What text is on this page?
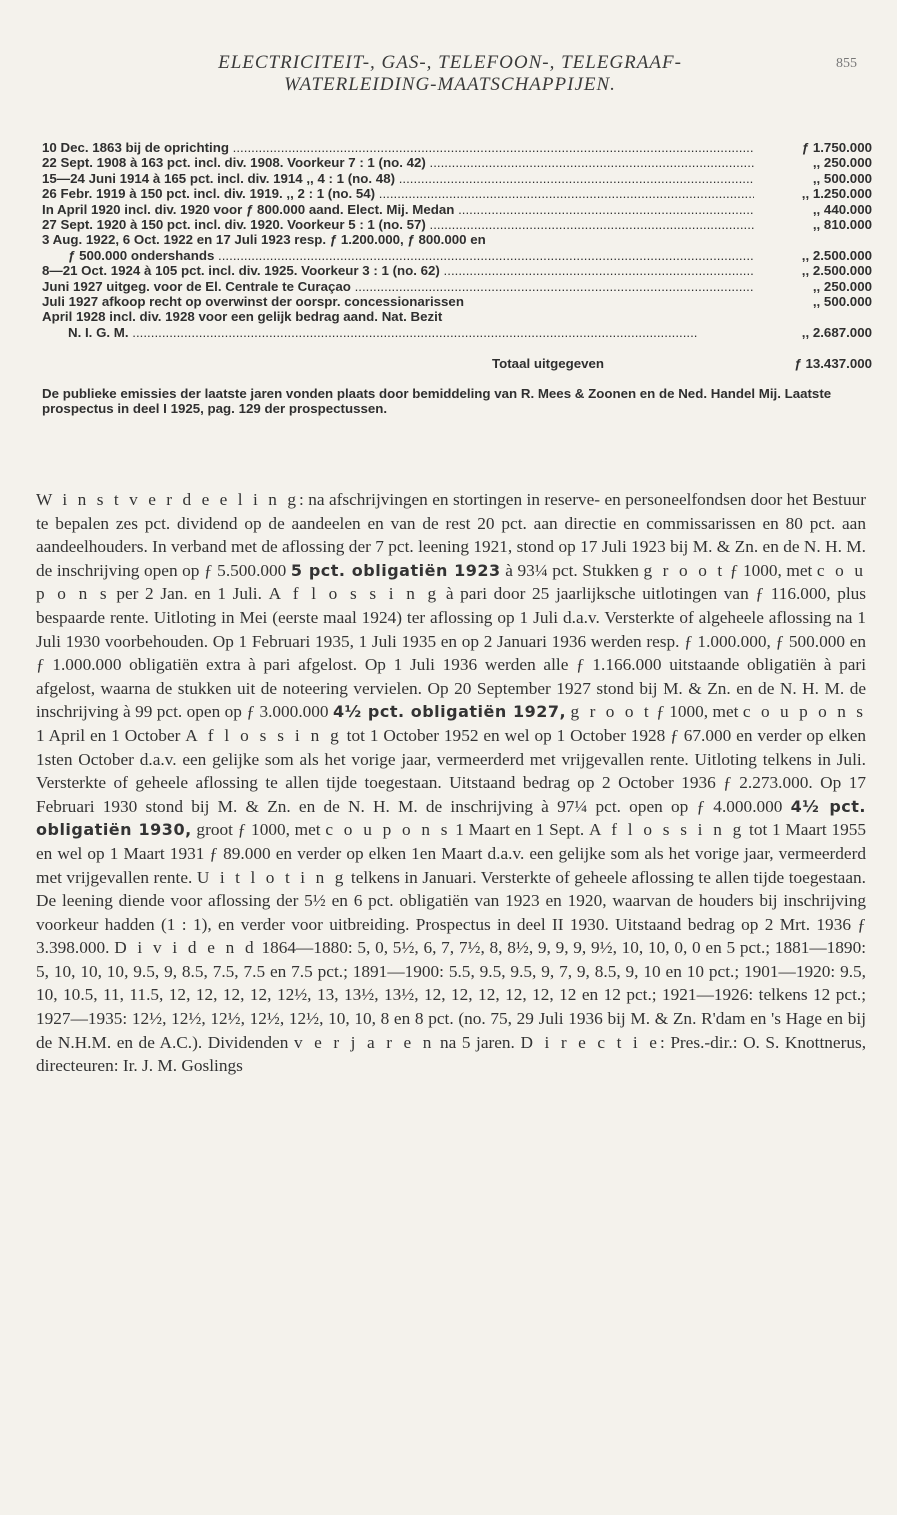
ELECTRICITEIT-, GAS-, TELEFOON-, TELEGRAAF-
WATERLEIDING-MAATSCHAPPIJEN.
855
10 Dec. 1863 bij de oprichting .....	ƒ 1.750.000
22 Sept. 1908 à 163 pct. incl. div. 1908. Voorkeur 7 : 1 (no. 42) .....	,, 250.000
15—24 Juni 1914 à 165 pct. incl. div. 1914 ,, 4 : 1 (no. 48) .....	,, 500.000
26 Febr. 1919 à 150 pct. incl. div. 1919. ,, 2 : 1 (no. 54) .....	,, 1.250.000
In April 1920 incl. div. 1920 voor ƒ 800.000 aand. Elect. Mij. Medan .....	,, 440.000
27 Sept. 1920 à 150 pct. incl. div. 1920. Voorkeur 5 : 1 (no. 57) .....	,, 810.000
3 Aug. 1922, 6 Oct. 1922 en 17 Juli 1923 resp. ƒ 1.200.000, ƒ 800.000 en
ƒ 500.000 ondershands .....	,, 2.500.000
8—21 Oct. 1924 à 105 pct. incl. div. 1925. Voorkeur 3 : 1 (no. 62) .....	,, 2.500.000
Juni 1927 uitgeg. voor de El. Centrale te Curaçao .....	,, 250.000
Juli 1927 afkoop recht op overwinst der oorspr. concessionarissen	,, 500.000
April 1928 incl. div. 1928 voor een gelijk bedrag aand. Nat. Bezit
N. I. G. M. .....	,, 2.687.000
Totaal uitgegeven	ƒ 13.437.000
De publieke emissies der laatste jaren vonden plaats door bemiddeling van R. Mees & Zoonen en de Ned. Handel Mij. Laatste prospectus in deel I 1925, pag. 129 der prospectussen.

W i n s t v e r d e e l i n g: na afschrijvingen en stortingen in reserve- en personeelfondsen door het Bestuur te bepalen zes pct. dividend op de aandeelen en van de rest 20 pct. aan directie en commissarissen en 80 pct. aan aandeelhouders. In verband met de aflossing der 7 pct. leening 1921, stond op 17 Juli 1923 bij M. & Zn. en de N. H. M. de inschrijving open op ƒ 5.500.000 5 pct. obligatiën 1923 à 93¼ pct. Stukken g r o o t ƒ 1000, met c o u p o n s per 2 Jan. en 1 Juli. A f l o s s i n g à pari door 25 jaarlijksche uitlotingen van ƒ 116.000, plus bespaarde rente. Uitloting in Mei (eerste maal 1924) ter aflossing op 1 Juli d.a.v. Versterkte of algeheele aflossing na 1 Juli 1930 voorbehouden. Op 1 Februari 1935, 1 Juli 1935 en op 2 Januari 1936 werden resp. ƒ 1.000.000, ƒ 500.000 en ƒ 1.000.000 obligatiën extra à pari afgelost. Op 1 Juli 1936 werden alle ƒ 1.166.000 uitstaande obligatiën à pari afgelost, waarna de stukken uit de noteering vervielen. Op 20 September 1927 stond bij M. & Zn. en de N. H. M. de inschrijving à 99 pct. open op ƒ 3.000.000 4½ pct. obligatiën 1927, g r o o t ƒ 1000, met c o u p o n s 1 April en 1 October A f l o s s i n g tot 1 October 1952 en wel op 1 October 1928 ƒ 67.000 en verder op elken 1sten October d.a.v. een gelijke som als het vorige jaar, vermeerderd met vrijgevallen rente. Uitloting telkens in Juli. Versterkte of geheele aflossing te allen tijde toegestaan. Uitstaand bedrag op 2 October 1936 ƒ 2.273.000. Op 17 Februari 1930 stond bij M. & Zn. en de N. H. M. de inschrijving à 97¼ pct. open op ƒ 4.000.000 4½ pct. obligatiën 1930, groot ƒ 1000, met c o u p o n s 1 Maart en 1 Sept. A f l o s s i n g tot 1 Maart 1955 en wel op 1 Maart 1931 ƒ 89.000 en verder op elken 1en Maart d.a.v. een gelijke som als het vorige jaar, vermeerderd met vrijgevallen rente. U i t l o t i n g telkens in Januari. Versterkte of geheele aflossing te allen tijde toegestaan. De leening diende voor aflossing der 5½ en 6 pct. obligatiën van 1923 en 1920, waarvan de houders bij inschrijving voorkeur hadden (1 : 1), en verder voor uitbreiding. Prospectus in deel II 1930. Uitstaand bedrag op 2 Mrt. 1936 ƒ 3.398.000. D i v i d e n d 1864—1880: 5, 0, 5½, 6, 7, 7½, 8, 8½, 9, 9, 9, 9½, 10, 10, 0, 0 en 5 pct.; 1881—1890: 5, 10, 10, 10, 9.5, 9, 8.5, 7.5, 7.5 en 7.5 pct.; 1891—1900: 5.5, 9.5, 9.5, 9, 7, 9, 8.5, 9, 10 en 10 pct.; 1901—1920: 9.5, 10, 10.5, 11, 11.5, 12, 12, 12, 12, 12½, 13, 13½, 13½, 12, 12, 12, 12, 12, 12 en 12 pct.; 1921—1926: telkens 12 pct.; 1927—1935: 12½, 12½, 12½, 12½, 12½, 10, 10, 8 en 8 pct. (no. 75, 29 Juli 1936 bij M. & Zn. R'dam en 's Hage en bij de N.H.M. en de A.C.). Dividenden v e r j a r e n na 5 jaren. D i r e c t i e: Pres.-dir.: O. S. Knottnerus, directeuren: Ir. J. M. Goslings
